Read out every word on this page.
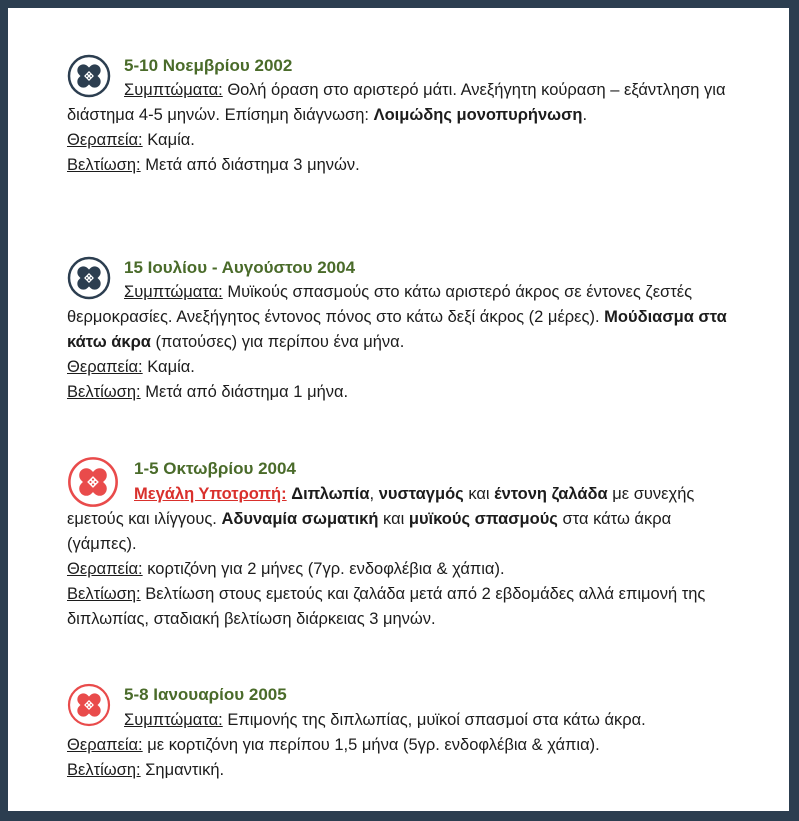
5-10 Νοεμβρίου 2002

Συμπτώματα: Θολή όραση στο αριστερό μάτι. Ανεξήγητη κούραση – εξάντληση για διάστημα 4-5 μηνών. Επίσημη διάγνωση: Λοιμώδης μονοπυρήνωση.

Θεραπεία: Καμία.

Βελτίωση: Μετά από διάστημα 3 μηνών.

15 Ιουλίου - Αυγούστου 2004

Συμπτώματα: Μυϊκούς σπασμούς στο κάτω αριστερό άκρος σε έντονες ζεστές θερμοκρασίες. Ανεξήγητος έντονος πόνος στο κάτω δεξί άκρος (2 μέρες). Μούδιασμα στα κάτω άκρα (πατούσες) για περίπου ένα μήνα.

Θεραπεία: Καμία.

Βελτίωση: Μετά από διάστημα 1 μήνα.

1-5 Οκτωβρίου 2004

Μεγάλη Υποτροπή: Διπλωπία, νυσταγμός και έντονη ζαλάδα με συνεχής εμετούς και ιλίγγους. Αδυναμία σωματική και μυϊκούς σπασμούς στα κάτω άκρα (γάμπες).

Θεραπεία: κορτιζόνη για 2 μήνες (7γρ. ενδοφλέβια & χάπια).

Βελτίωση: Βελτίωση στους εμετούς και ζαλάδα μετά από 2 εβδομάδες αλλά επιμονή της διπλωπίας, σταδιακή βελτίωση διάρκειας 3 μηνών.

5-8 Ιανουαρίου 2005

Συμπτώματα: Επιμονής της διπλωπίας, μυϊκοί σπασμοί στα κάτω άκρα.

Θεραπεία: με κορτιζόνη για περίπου 1,5 μήνα (5γρ. ενδοφλέβια & χάπια).

Βελτίωση: Σημαντική.
